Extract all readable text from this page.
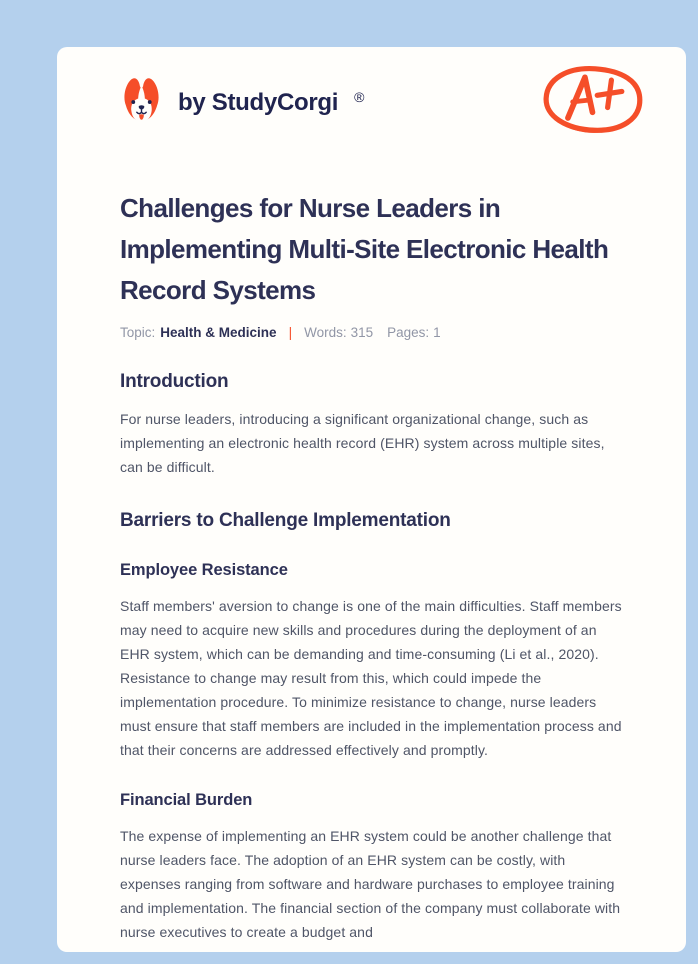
by StudyCorgi ®
Challenges for Nurse Leaders in Implementing Multi-Site Electronic Health Record Systems
Topic: Health & Medicine | Words: 315 Pages: 1
Introduction

For nurse leaders, introducing a significant organizational change, such as implementing an electronic health record (EHR) system across multiple sites, can be difficult.

Barriers to Challenge Implementation
Employee Resistance

Staff members' aversion to change is one of the main difficulties. Staff members may need to acquire new skills and procedures during the deployment of an EHR system, which can be demanding and time-consuming (Li et al., 2020). Resistance to change may result from this, which could impede the implementation procedure. To minimize resistance to change, nurse leaders must ensure that staff members are included in the implementation process and that their concerns are addressed effectively and promptly.

Financial Burden

The expense of implementing an EHR system could be another challenge that nurse leaders face. The adoption of an EHR system can be costly, with expenses ranging from software and hardware purchases to employee training and implementation. The financial section of the company must collaborate with nurse executives to create a budget and
